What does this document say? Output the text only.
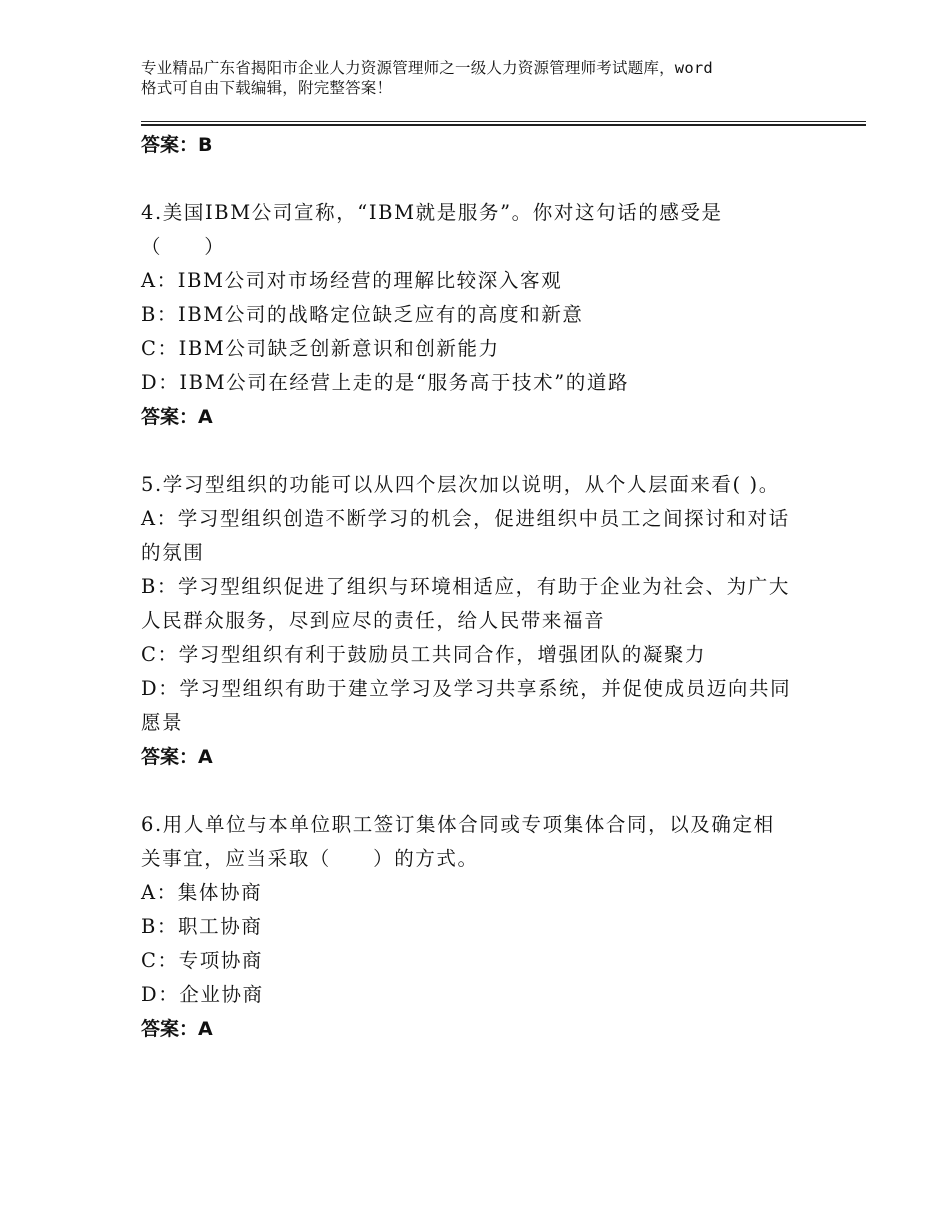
专业精品广东省揭阳市企业人力资源管理师之一级人力资源管理师考试题库，word
格式可自由下载编辑，附完整答案！
答案：B
4.美国IBM公司宣称，“IBM就是服务”。你对这句话的感受是
（　　）
A：IBM公司对市场经营的理解比较深入客观
B：IBM公司的战略定位缺乏应有的高度和新意
C：IBM公司缺乏创新意识和创新能力
D：IBM公司在经营上走的是“服务高于技术”的道路
答案：A
5.学习型组织的功能可以从四个层次加以说明，从个人层面来看( )。
A：学习型组织创造不断学习的机会，促进组织中员工之间探讨和对话
的氛围
B：学习型组织促进了组织与环境相适应，有助于企业为社会、为广大
人民群众服务，尽到应尽的责任，给人民带来福音
C：学习型组织有利于鼓励员工共同合作，增强团队的凝聚力
D：学习型组织有助于建立学习及学习共享系统，并促使成员迈向共同
愿景
答案：A
6.用人单位与本单位职工签订集体合同或专项集体合同，以及确定相
关事宜，应当采取（　　）的方式。
A：集体协商
B：职工协商
C：专项协商
D：企业协商
答案：A
